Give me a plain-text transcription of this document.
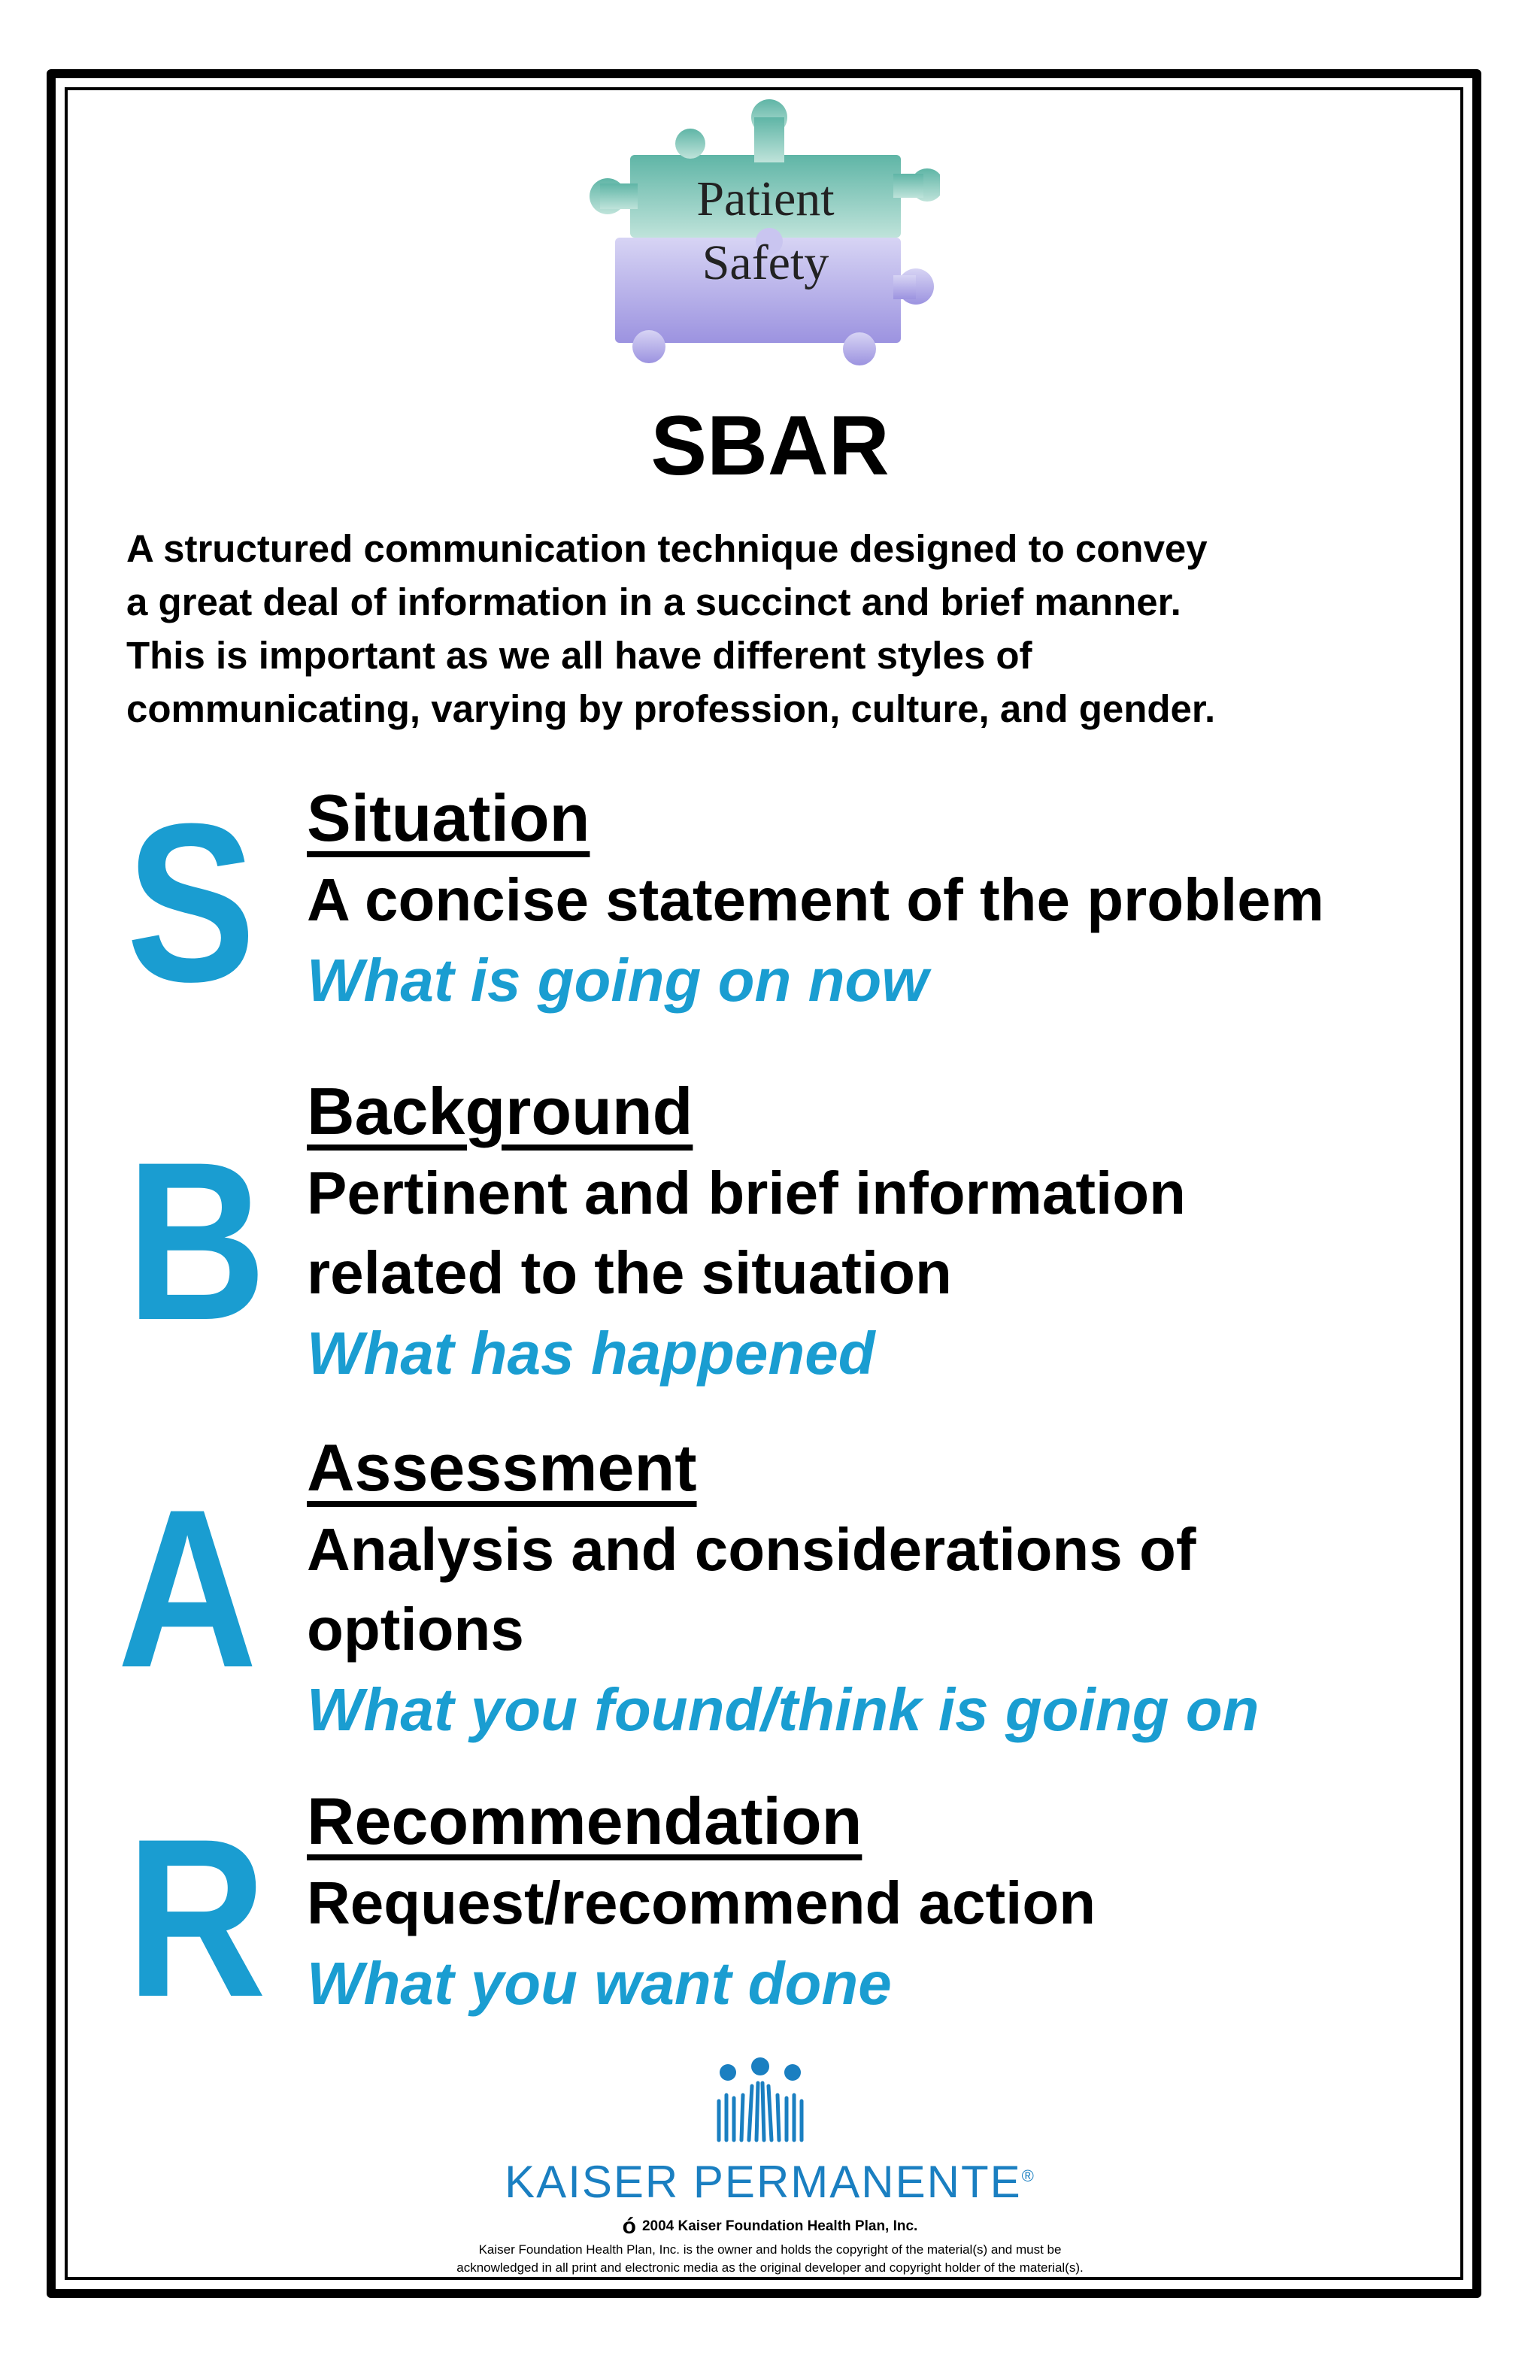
Patient
Safety
SBAR
A structured communication technique designed to convey
a great deal of information in a succinct and brief manner.
This is important as we all have different styles of
communicating, varying by profession, culture, and gender.
S Situation
A concise statement of the problem
What is going on now
B
Background
Pertinent and brief information
related to the situation
What has happened
A Assessment
Analysis and considerations of
options
What you found/think is going on
R Recommendation
Request/recommend action
What you want done
KAISER PERMANENTE®
ó 2004 Kaiser Foundation Health Plan, Inc.
Kaiser Foundation Health Plan, Inc. is the owner and holds the copyright of the material(s) and must be
acknowledged in all print and electronic media as the original developer and copyright holder of the material(s).
